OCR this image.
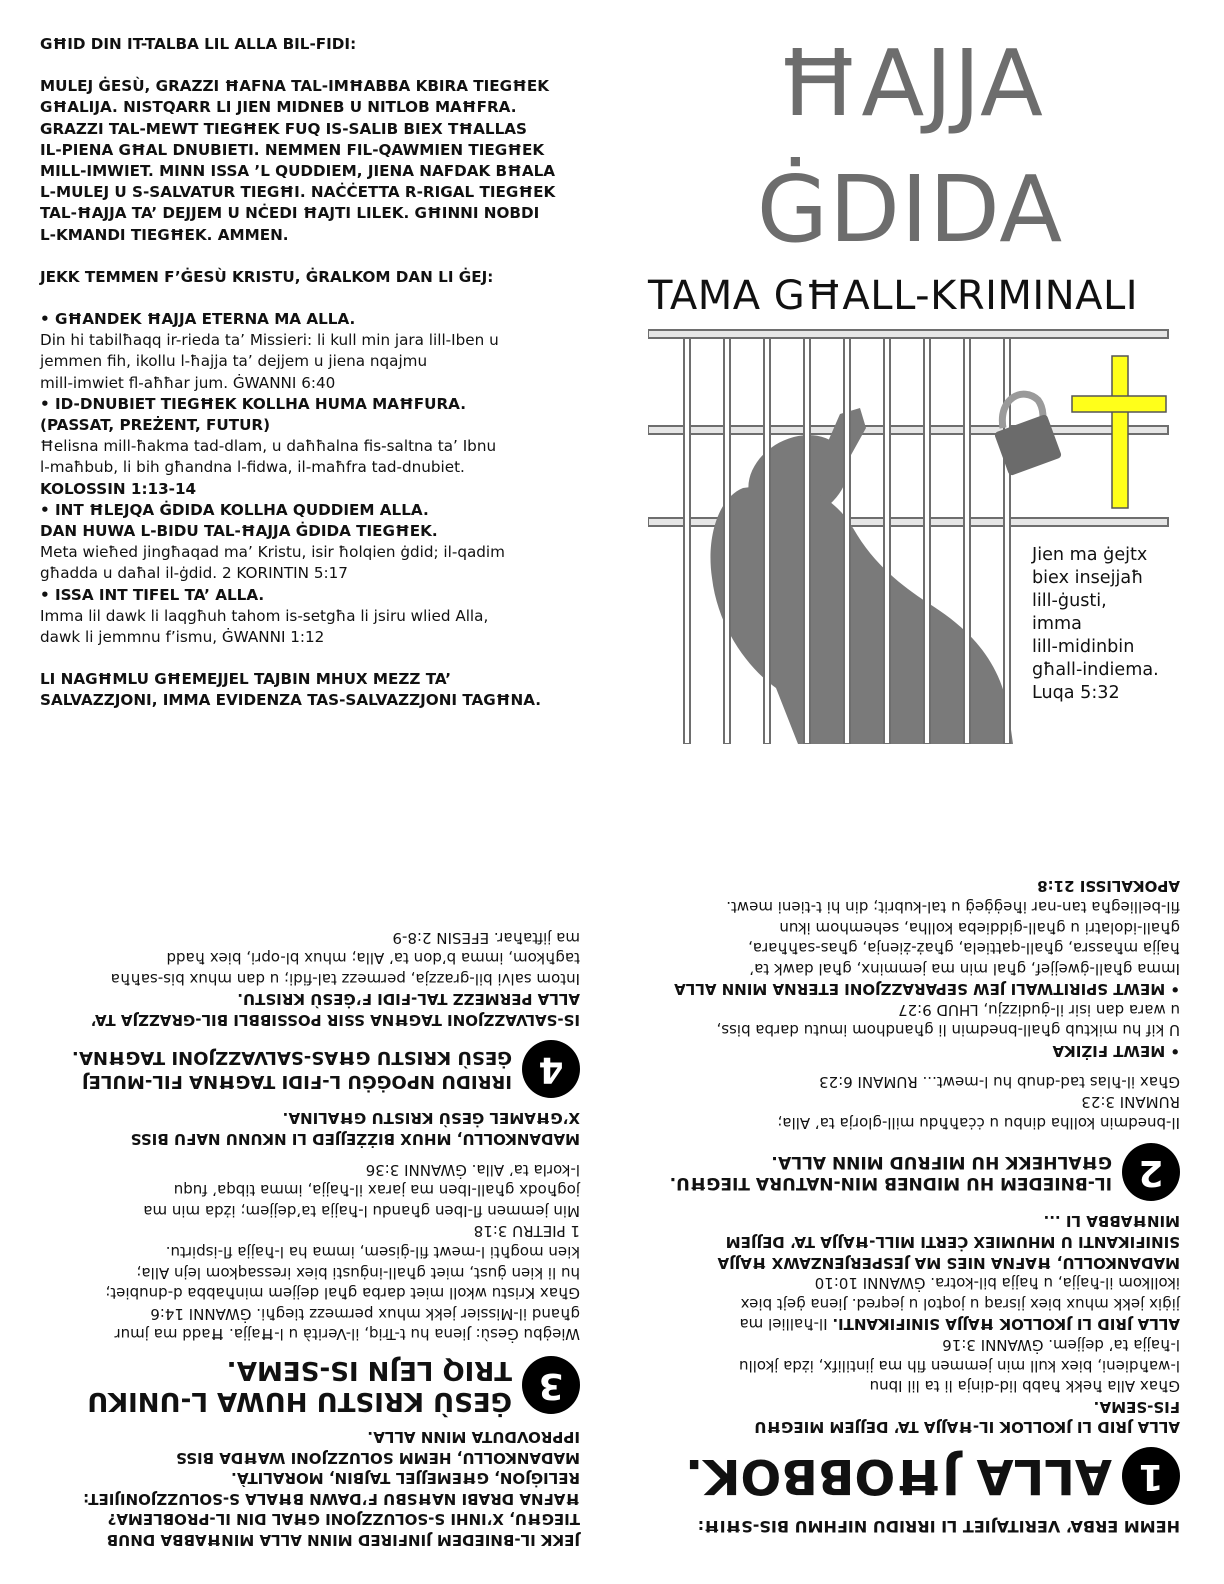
GĦID DIN IT-TALBA LIL ALLA BIL-FIDI:

MULEJ ĠESÙ, GRAZZI ĦAFNA TAL-IMĦABBA KBIRA TIEGĦEK

GĦALIJA. NISTQARR LI JIEN MIDNEB U NITLOB MAĦFRA.

GRAZZI TAL-MEWT TIEGĦEK FUQ IS-SALIB BIEX TĦALLAS

IL-PIENA GĦAL DNUBIETI. NEMMEN FIL-QAWMIEN TIEGĦEK

MILL-IMWIET. MINN ISSA ’L QUDDIEM, JIENA NAFDAK BĦALA

L-MULEJ U S-SALVATUR TIEGĦI. NAĊĊETTA R-RIGAL TIEGĦEK

TAL-ĦAJJA TA’ DEJJEM U NĊEDI ĦAJTI LILEK. GĦINNI NOBDI

L-KMANDI TIEGĦEK. AMMEN.

JEKK TEMMEN F’ĠESÙ KRISTU, ĠRALKOM DAN LI ĠEJ:

• GĦANDEK ĦAJJA ETERNA MA ALLA.

Din hi tabilħaqq ir-rieda ta’ Missieri: li kull min jara lill-Iben u

jemmen fih, ikollu l-ħajja ta’ dejjem u jiena nqajmu

mill-imwiet fl-aħħar jum. ĠWANNI 6:40

• ID-DNUBIET TIEGĦEK KOLLHA HUMA MAĦFURA.

(PASSAT, PREŻENT, FUTUR)

Ħelisna mill-ħakma tad-dlam, u daħħalna fis-saltna ta’ Ibnu

l-maħbub, li bih għandna l-fidwa, il-maħfra tad-dnubiet.

KOLOSSIN 1:13-14

• INT ĦLEJQA ĠDIDA KOLLHA QUDDIEM ALLA.

DAN HUWA L-BIDU TAL-ĦAJJA ĠDIDA TIEGĦEK.

Meta wieħed jingħaqad ma’ Kristu, isir ħolqien ġdid; il-qadim

għadda u daħal il-ġdid. 2 KORINTIN 5:17

• ISSA INT TIFEL TA’ ALLA.

Imma lil dawk li laqgħuh tahom is-setgħa li jsiru wlied Alla,

dawk li jemmnu f’ismu, ĠWANNI 1:12

LI NAGĦMLU GĦEMEJJEL TAJBIN MHUX MEZZ TA’

SALVAZZJONI, IMMA EVIDENZA TAS-SALVAZZJONI TAGĦNA.

ĦAJJA
ĠDIDA
TAMA GĦALL-KRIMINALI
Jien ma ġejtx
biex insejjaħ
lill-ġusti,
imma
lill-midinbin
għall-indiema.
Luqa 5:32

JEKK IL-BNIEDEM JINFIRED MINN ALLA MINĦABBA DNUB

TIEGĦU, X’INHI S-SOLUZZJONI GĦAL DIN IL-PROBLEMA?

ĦAFNA DRABI NAĦSBU F’DAWN BĦALA S-SOLUZZJONIJIET:

RELIĠJON, GĦEMEJJEL TAJBIN, MORALITÀ.

MADANKOLLU, HEMM SOLUZZJONI WAĦDA BISS

IPPROVDUTA MINN ALLA.

3
ĠESÙ KRISTU HUWA L-UNIKU
TRIQ LEJN IS-SEMA.

Wieġbu Ġesù: Jiena hu t-Triq, il-Verità u l-Ħajja. Ħadd ma jmur

għand il-Missier jekk mhux permezz tiegħi. ĠWANNI 14:6

Għax Kristu wkoll miet darba għal dejjem minħabba d-dnubiet;

hu li kien ġust, miet għall-inġusti biex iressaqkom lejn Alla;

kien mogħti l-mewt fil-ġisem, imma ha l-ħajja fl-ispirtu.

1 PIETRU 3:18

Min jemmen fl-Iben għandu l-ħajja ta’dejjem; iżda min ma

jogħodx għall-Iben ma jarax il-ħajja, imma tibqa’ fuqu

l-korla ta’ Alla. ĠWANNI 3:36

MADANKOLLU, MHUX BIŻŻEJJED LI NKUNU NAFU BISS

X’GĦAMEL ĠESÙ KRISTU GĦALINA.

4
IRRIDU NPOĠĠU L-FIDI TAGĦNA FIL-MULEJ
ĠESÙ KRISTU GĦAS-SALVAZZJONI TAGĦNA.

IS-SALVAZZJONI TAGĦNA SSIR POSSIBBLI BIL-GRAZZJA TA’

ALLA PERMEZZ TAL-FIDI F’ĠESÙ KRISTU.

Intom salvi bil-grazzja, permezz tal-fidi; u dan mhux bis-saħħa

tagħkom, imma b’don ta’ Alla; mhux bl-opri, biex ħadd

ma jiftaħar. EFESIN 2:8-9

HEMM ERBA’ VERITAJIET LI IRRIDU NIFHMU BIS-SĦIĦ:

1
ALLA JĦOBBOK.

ALLA JRID LI JKOLLOK IL-ĦAJJA TA’ DEJJEM MIEGĦU

FIS-SEMA.

Għax Alla ħekk ħabb lid-dinja li ta lil Ibnu

l-waħdieni, biex kull min jemmen fih ma jintilifx, iżda jkollu

l-ħajja ta’ dejjem. ĠWANNI 3:16

ALLA JRID LI JKOLLOK ĦAJJA SINIFIKANTI. Il-ħalliel ma

jiġix jekk mhux biex jisraq u joqtol u jeqred. Jiena ġejt biex

ikollkom il-ħajja, u ħajja bil-kotra. ĠWANNI 10:10

MADANKOLLU, ĦAFNA NIES MA JESPERJENZAWX ĦAJJA

SINIFIKANTI U MHUMIEX ĊERTI MILL-ĦAJJA TA’ DEJJEM

MINĦABBA LI ...

2
IL-BNIEDEM HU MIDNEB MIN-NATURA TIEGĦU.
GĦALHEKK HU MIFRUD MINN ALLA.

Il-bnedmin kollha dinbu u ċċaħħdu mill-glorja ta’ Alla;

RUMANI 3:23

Għax il-ħlas tad-dnub hu l-mewt... RUMANI 6:23

• MEWT FIŻIKA

U kif hu miktub għall-bnedmin li għandhom imutu darba biss,

u wara dan isir il-ġudizzju, LHUD 9:27

• MEWT SPIRITWALI JEW SEPARAZZJONI ETERNA MINN ALLA

Imma għall-ġwejjef, għal min ma jemminx, għal dawk ta’

ħajja mħassra, għall-qattiela, għaż-żienja, għas-saħħara,

għall-idolatri u għall-giddieba kollha, sehemhom ikun

fil-belliegħa tan-nar iħeġġeġ u tal-kubrit; din hi t-tieni mewt.

APOKALISSI 21:8
